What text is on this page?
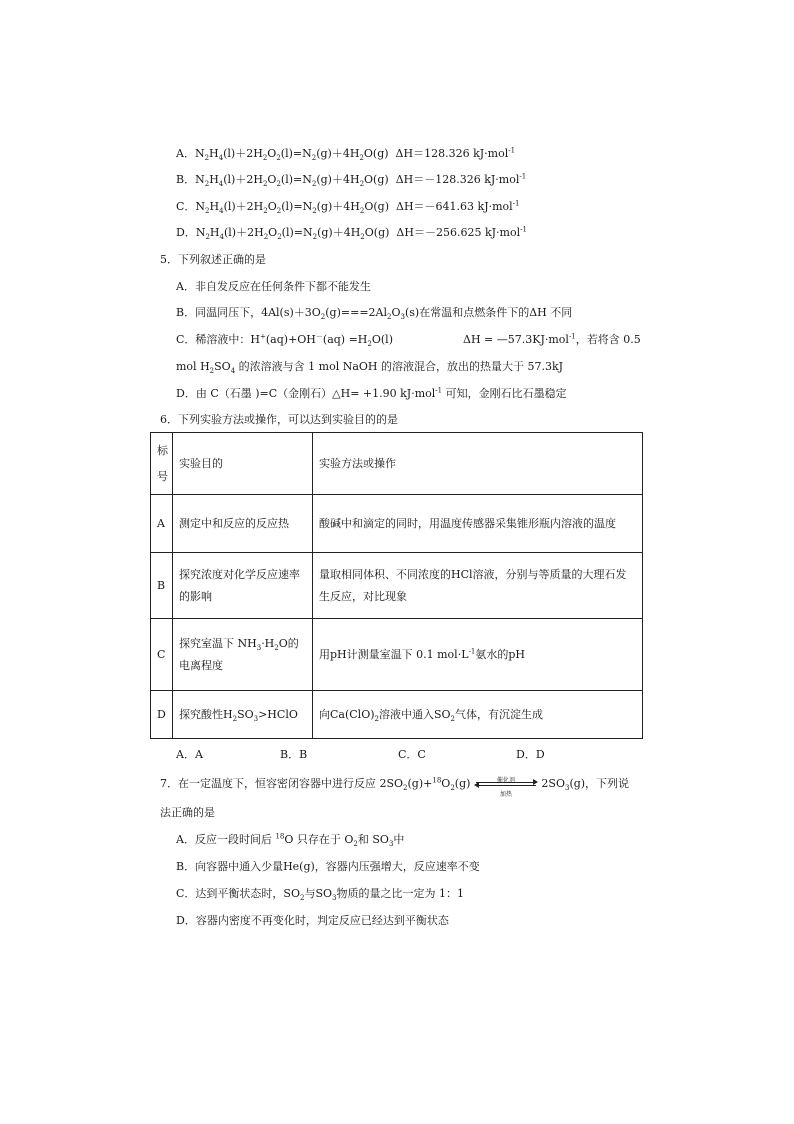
A．$N_2H_4(l)+2H_2O_2(l)=N_2(g)+4H_2O(g)$ ΔH＝128.326 kJ·mol$^{-1}$
B．$N_2H_4(l)+2H_2O_2(l)=N_2(g)+4H_2O(g)$ ΔH＝－128.326 kJ·mol$^{-1}$
C．$N_2H_4(l)+2H_2O_2(l)=N_2(g)+4H_2O(g)$ ΔH＝－641.63 kJ·mol$^{-1}$
D．$N_2H_4(l)+2H_2O_2(l)=N_2(g)+4H_2O(g)$ ΔH＝－256.625 kJ·mol$^{-1}$
5．下列叙述正确的是
A．非自发反应在任何条件下都不能发生
B．同温同压下，$4Al(s)+3O_2(g)===2Al_2O_3(s)$在常温和点燃条件下的ΔH 不同
C．稀溶液中：$H^+(aq)+OH^-(aq) =H_2O(l)$	ΔH = —57.3KJ·mol$^{-1}$，若将含 0.5
mol $H_2SO_4$ 的浓溶液与含 1 mol NaOH 的溶液混合，放出的热量大于 57.3kJ
D．由 C（石墨 )=C（金刚石）△H= +1.90 kJ·mol$^{-1}$ 可知，金刚石比石墨稳定
6．下列实验方法或操作，可以达到实验目的的是
标号	实验目的	实验方法或操作
A	测定中和反应的反应热	酸碱中和滴定的同时，用温度传感器采集锥形瓶内溶液的温度
B	探究浓度对化学反应速率的影响	量取相同体积、不同浓度的HCl溶液，分别与等质量的大理石发生反应，对比现象
C	探究室温下 $NH_3\cdot H_2O$的电离程度	用pH计测量室温下 0.1 $mol\cdot L^{-1}$氨水的pH
D	探究酸性$H_2SO_3>HClO$	向$Ca(ClO)_2$溶液中通入$SO_2$气体，有沉淀生成
A．A	B．B	C．C	D．D
7．在一定温度下，恒容密闭容器中进行反应 $2SO_2(g)+^{18}O_2(g)$	催化剂
加热
$2SO_3(g)$，下列说
法正确的是
A．反应一段时间后 $^{18}$O 只存在于 $O_2$和 $SO_3$中
B．向容器中通入少量He(g)，容器内压强增大，反应速率不变
C．达到平衡状态时，$SO_2$与$SO_3$物质的量之比一定为 1：1
D．容器内密度不再变化时，判定反应已经达到平衡状态
